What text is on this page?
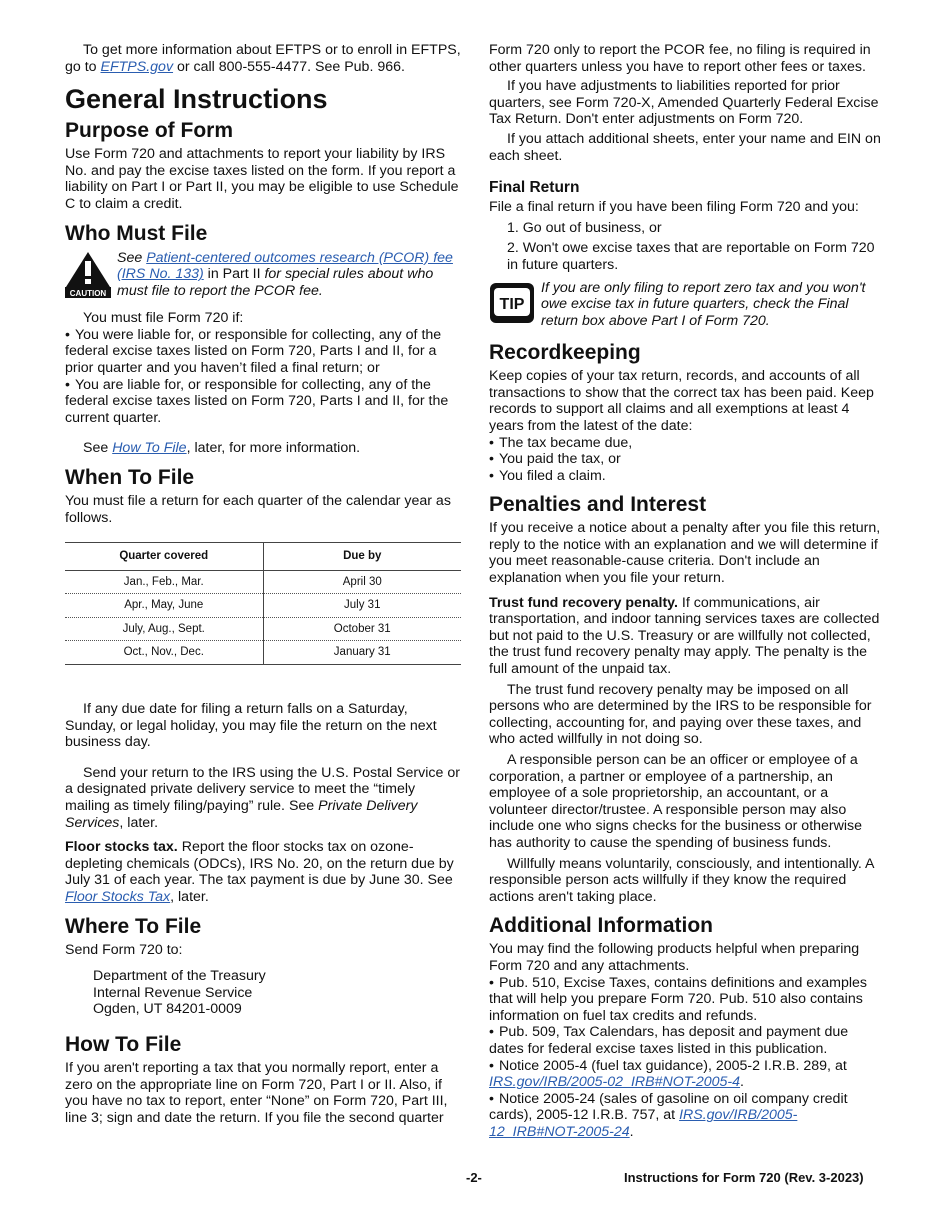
To get more information about EFTPS or to enroll in EFTPS, go to EFTPS.gov or call 800-555-4477. See Pub. 966.

General Instructions
Purpose of Form

Use Form 720 and attachments to report your liability by IRS No. and pay the excise taxes listed on the form. If you report a liability on Part I or Part II, you may be eligible to use Schedule C to claim a credit.

Who Must File
CAUTION
See Patient-centered outcomes research (PCOR) fee (IRS No. 133) in Part II for special rules about who must file to report the PCOR fee.

You must file Form 720 if:

• You were liable for, or responsible for collecting, any of the federal excise taxes listed on Form 720, Parts I and II, for a prior quarter and you haven’t filed a final return; or
• You are liable for, or responsible for collecting, any of the federal excise taxes listed on Form 720, Parts I and II, for the current quarter.

See How To File, later, for more information.

When To File

You must file a return for each quarter of the calendar year as follows.

Quarter covered	Due by
Jan., Feb., Mar.	April 30
Apr., May, June	July 31
July, Aug., Sept.	October 31
Oct., Nov., Dec.	January 31

If any due date for filing a return falls on a Saturday, Sunday, or legal holiday, you may file the return on the next business day.

Send your return to the IRS using the U.S. Postal Service or a designated private delivery service to meet the “timely mailing as timely filing/paying” rule. See Private Delivery Services, later.

Floor stocks tax. Report the floor stocks tax on ozone-depleting chemicals (ODCs), IRS No. 20, on the return due by July 31 of each year. The tax payment is due by June 30. See Floor Stocks Tax, later.

Where To File

Send Form 720 to:

Department of the Treasury
Internal Revenue Service
Ogden, UT 84201-0009
How To File

If you aren't reporting a tax that you normally report, enter a zero on the appropriate line on Form 720, Part I or II. Also, if you have no tax to report, enter “None” on Form 720, Part III, line 3; sign and date the return. If you file the second quarter

Form 720 only to report the PCOR fee, no filing is required in other quarters unless you have to report other fees or taxes.

If you have adjustments to liabilities reported for prior quarters, see Form 720-X, Amended Quarterly Federal Excise Tax Return. Don't enter adjustments on Form 720.

If you attach additional sheets, enter your name and EIN on each sheet.

Final Return

File a final return if you have been filing Form 720 and you:

1. Go out of business, or

2. Won't owe excise taxes that are reportable on Form 720 in future quarters.

TIP
If you are only filing to report zero tax and you won't owe excise tax in future quarters, check the Final return box above Part I of Form 720.
Recordkeeping

Keep copies of your tax return, records, and accounts of all transactions to show that the correct tax has been paid. Keep records to support all claims and all exemptions at least 4 years from the latest of the date:

• The tax became due,
• You paid the tax, or
• You filed a claim.
Penalties and Interest

If you receive a notice about a penalty after you file this return, reply to the notice with an explanation and we will determine if you meet reasonable-cause criteria. Don't include an explanation when you file your return.

Trust fund recovery penalty. If communications, air transportation, and indoor tanning services taxes are collected but not paid to the U.S. Treasury or are willfully not collected, the trust fund recovery penalty may apply. The penalty is the full amount of the unpaid tax.

The trust fund recovery penalty may be imposed on all persons who are determined by the IRS to be responsible for collecting, accounting for, and paying over these taxes, and who acted willfully in not doing so.

A responsible person can be an officer or employee of a corporation, a partner or employee of a partnership, an employee of a sole proprietorship, an accountant, or a volunteer director/trustee. A responsible person may also include one who signs checks for the business or otherwise has authority to cause the spending of business funds.

Willfully means voluntarily, consciously, and intentionally. A responsible person acts willfully if they know the required actions aren't taking place.

Additional Information

You may find the following products helpful when preparing Form 720 and any attachments.

• Pub. 510, Excise Taxes, contains definitions and examples that will help you prepare Form 720. Pub. 510 also contains information on fuel tax credits and refunds.
• Pub. 509, Tax Calendars, has deposit and payment due dates for federal excise taxes listed in this publication.
• Notice 2005-4 (fuel tax guidance), 2005-2 I.R.B. 289, at IRS.gov/IRB/2005-02_IRB#NOT-2005-4.
• Notice 2005-24 (sales of gasoline on oil company credit cards), 2005-12 I.R.B. 757, at IRS.gov/IRB/2005-12_IRB#NOT-2005-24.
-2-	Instructions for Form 720 (Rev. 3-2023)
